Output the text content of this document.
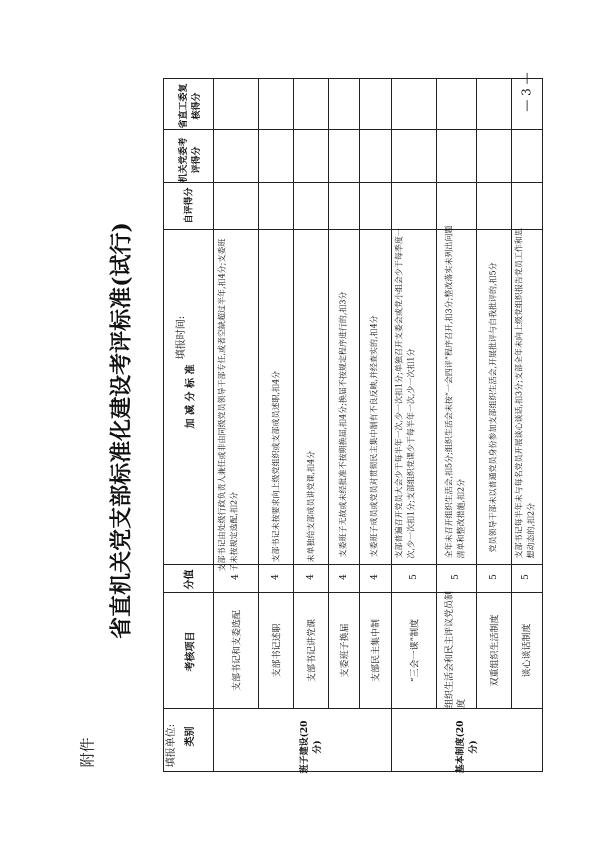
附件
省直机关党支部标准化建设考评标准(试行)
填报单位:
填报时间:
— 3 —
类别
考核项目
分值
加 减 分 标 准
自评得分
机关党委考评得分
省直工委复核得分
班子建设(20分)	基本制度(20分)
支部书记和支委选配
4
支部书记由处级行政负责人兼任或非由同级党员领导干部专任,或者空缺超过半年,扣4分;支委班子未按规定选配,扣2分
支部书记述职
4
支部书记未按要求向上级党组织或支部成员述职,扣4分
支部书记讲党课
4
未单独给支部成员讲党课,扣4分
支委班子换届
4
支委班子无故或未经批准不按期换届,扣4分;换届不按规定程序进行的,扣3分
支部民主集中制
4
支委班子成员或党员对贯彻民主集中制有不良反映,并经查实的,扣4分
“三会一课”制度
5
支部普遍召开党员大会少于每半年一次,少一次扣1分;单独召开支委会或党小组会少于每季度一次,少一次扣1分;支部组织党课少于每半年一次,少一次扣1分
组织生活会和民主评议党员制度
5
全年未召开组织生活会,扣5分;组织生活会未按“一会四评”程序召开,扣3分;整改落实未列出问题清单和整改措施,扣2分
双重组织生活制度
5
党员领导干部未以普通党员身份参加支部组织生活会,开展批评与自我批评的,扣5分
谈心谈话制度
5
支部书记每半年未与每名党员开展谈心谈话,扣3分;支部全年未向上级党组织报告党员工作和思想动态的,扣2分
